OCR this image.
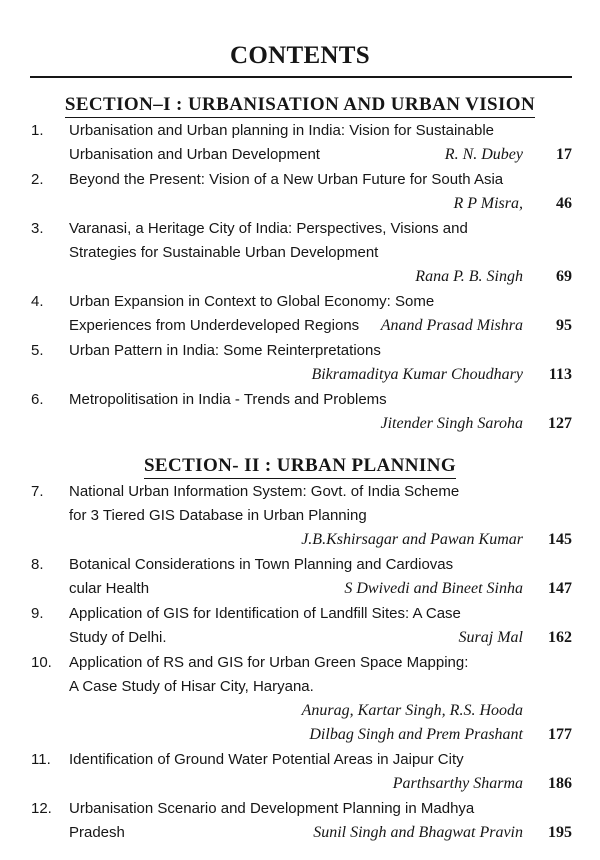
CONTENTS
SECTION–I : URBANISATION AND URBAN VISION
1. Urbanisation and Urban planning in India: Vision for Sustainable
Urbanisation and Urban Development	R. N. Dubey 17
2. Beyond the Present: Vision of a New Urban Future for South Asia
R P Misra, 46
3. Varanasi, a Heritage City of India: Perspectives, Visions and
Strategies for Sustainable Urban Development
Rana P. B. Singh 69
4. Urban Expansion in Context to Global Economy: Some
Experiences from Underdeveloped Regions Anand Prasad Mishra 95
5. Urban Pattern in India: Some Reinterpretations
Bikramaditya Kumar Choudhary 113
6. Metropolitisation in India - Trends and Problems
Jitender Singh Saroha 127
SECTION- II : URBAN PLANNING
7. National Urban Information System: Govt. of India Scheme
for 3 Tiered GIS Database in Urban Planning
J.B.Kshirsagar and Pawan Kumar 145
8. Botanical Considerations in Town Planning and Cardiovas
cular Health	S Dwivedi and Bineet Sinha 147
9. Application of GIS for Identification of Landfill Sites: A Case
Study of Delhi.	Suraj Mal 162
10. Application of RS and GIS for Urban Green Space Mapping:
A Case Study of Hisar City, Haryana.
Anurag, Kartar Singh, R.S. Hooda
Dilbag Singh and Prem Prashant 177
11. Identification of Ground Water Potential Areas in Jaipur City
Parthsarthy Sharma 186
12. Urbanisation Scenario and Development Planning in Madhya
Pradesh	Sunil Singh and Bhagwat Pravin 195
